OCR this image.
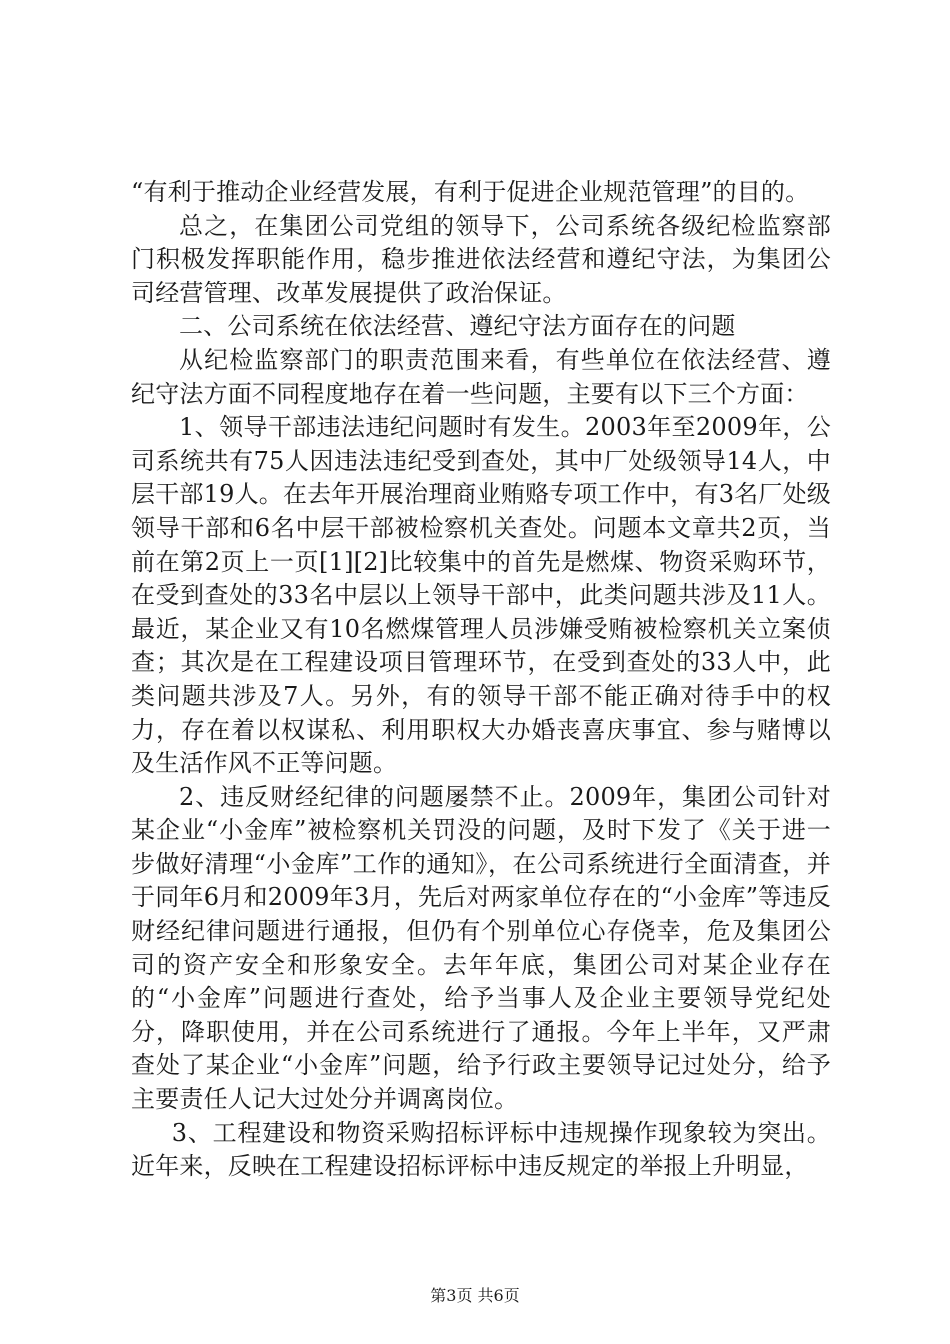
“有利于推动企业经营发展，有利于促进企业规范管理”的目的。

总之，在集团公司党组的领导下，公司系统各级纪检监察部门积极发挥职能作用，稳步推进依法经营和遵纪守法，为集团公司经营管理、改革发展提供了政治保证。

二、公司系统在依法经营、遵纪守法方面存在的问题

从纪检监察部门的职责范围来看，有些单位在依法经营、遵纪守法方面不同程度地存在着一些问题，主要有以下三个方面：

1、领导干部违法违纪问题时有发生。2003年至2009年，公司系统共有75人因违法违纪受到查处，其中厂处级领导14人，中层干部19人。在去年开展治理商业贿赂专项工作中，有3名厂处级领导干部和6名中层干部被检察机关查处。问题本文章共2页，当前在第2页上一页[1][2]比较集中的首先是燃煤、物资采购环节，在受到查处的33名中层以上领导干部中，此类问题共涉及11人。最近，某企业又有10名燃煤管理人员涉嫌受贿被检察机关立案侦查；其次是在工程建设项目管理环节，在受到查处的33人中，此类问题共涉及7人。另外，有的领导干部不能正确对待手中的权力，存在着以权谋私、利用职权大办婚丧喜庆事宜、参与赌博以及生活作风不正等问题。

2、违反财经纪律的问题屡禁不止。2009年，集团公司针对某企业“小金库”被检察机关罚没的问题，及时下发了《关于进一步做好清理“小金库”工作的通知》，在公司系统进行全面清查，并于同年6月和2009年3月，先后对两家单位存在的“小金库”等违反财经纪律问题进行通报，但仍有个别单位心存侥幸，危及集团公司的资产安全和形象安全。去年年底，集团公司对某企业存在的“小金库”问题进行查处，给予当事人及企业主要领导党纪处分，降职使用，并在公司系统进行了通报。今年上半年，又严肃查处了某企业“小金库”问题，给予行政主要领导记过处分，给予主要责任人记大过处分并调离岗位。

3、工程建设和物资采购招标评标中违规操作现象较为突出。近年来，反映在工程建设招标评标中违反规定的举报上升明显，

第3页 共6页
